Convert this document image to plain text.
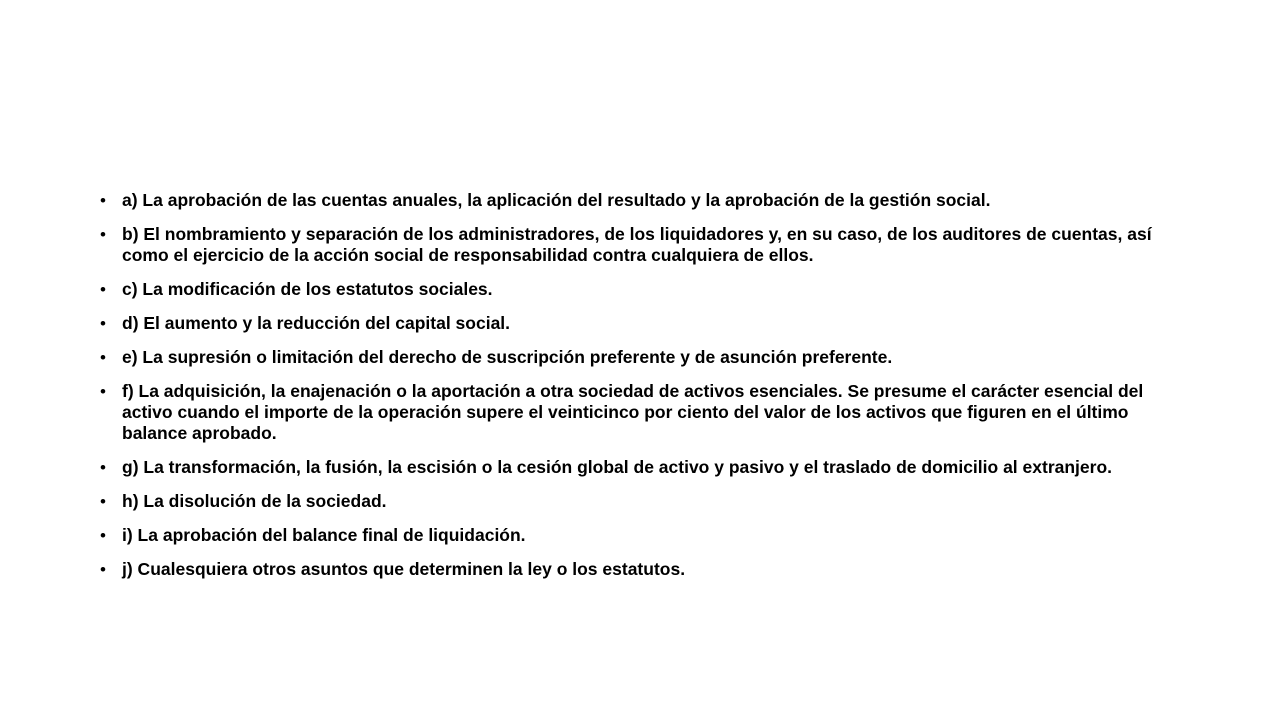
• a) La aprobación de las cuentas anuales, la aplicación del resultado y la aprobación de la gestión social.
• b) El nombramiento y separación de los administradores, de los liquidadores y, en su caso, de los auditores de cuentas, así como el ejercicio de la acción social de responsabilidad contra cualquiera de ellos.
• c) La modificación de los estatutos sociales.
• d) El aumento y la reducción del capital social.
• e) La supresión o limitación del derecho de suscripción preferente y de asunción preferente.
• f) La adquisición, la enajenación o la aportación a otra sociedad de activos esenciales. Se presume el carácter esencial del activo cuando el importe de la operación supere el veinticinco por ciento del valor de los activos que figuren en el último balance aprobado.
• g) La transformación, la fusión, la escisión o la cesión global de activo y pasivo y el traslado de domicilio al extranjero.
• h) La disolución de la sociedad.
• i) La aprobación del balance final de liquidación.
• j) Cualesquiera otros asuntos que determinen la ley o los estatutos.
